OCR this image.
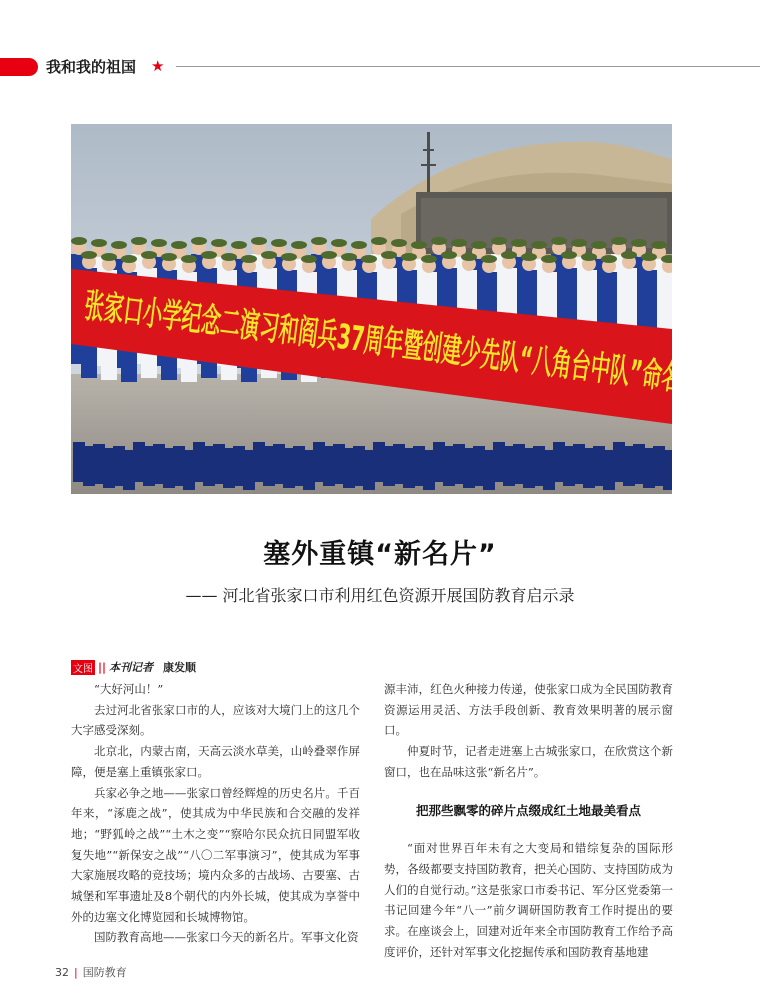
我和我的祖国 ★
塞外重镇“新名片”
—— 河北省张家口市利用红色资源开展国防教育启示录
文图 || 本刊记者 康发顺

“大好河山！”

去过河北省张家口市的人，应该对大境门上的这几个大字感受深刻。

北京北，内蒙古南，天高云淡水草美，山岭叠翠作屏障，便是塞上重镇张家口。

兵家必争之地——张家口曾经辉煌的历史名片。千百年来，“涿鹿之战”，使其成为中华民族和合交融的发祥地；“野狐岭之战”“土木之变”“察哈尔民众抗日同盟军收复失地”“新保安之战”“八〇二军事演习”，使其成为军事大家施展攻略的竞技场；境内众多的古战场、古要塞、古城堡和军事遗址及8个朝代的内外长城，使其成为享誉中外的边塞文化博览园和长城博物馆。

国防教育高地——张家口今天的新名片。军事文化资

源丰沛，红色火种接力传递，使张家口成为全民国防教育资源运用灵活、方法手段创新、教育效果明著的展示窗口。

仲夏时节，记者走进塞上古城张家口，在欣赏这个新窗口，也在品味这张“新名片”。

把那些飘零的碎片点缀成红土地最美看点

“面对世界百年未有之大变局和错综复杂的国际形势，各级都要支持国防教育，把关心国防、支持国防成为人们的自觉行动。”这是张家口市委书记、军分区党委第一书记回建今年“八一”前夕调研国防教育工作时提出的要求。在座谈会上，回建对近年来全市国防教育工作给予高度评价，还针对军事文化挖掘传承和国防教育基地建

32 | 国防教育
